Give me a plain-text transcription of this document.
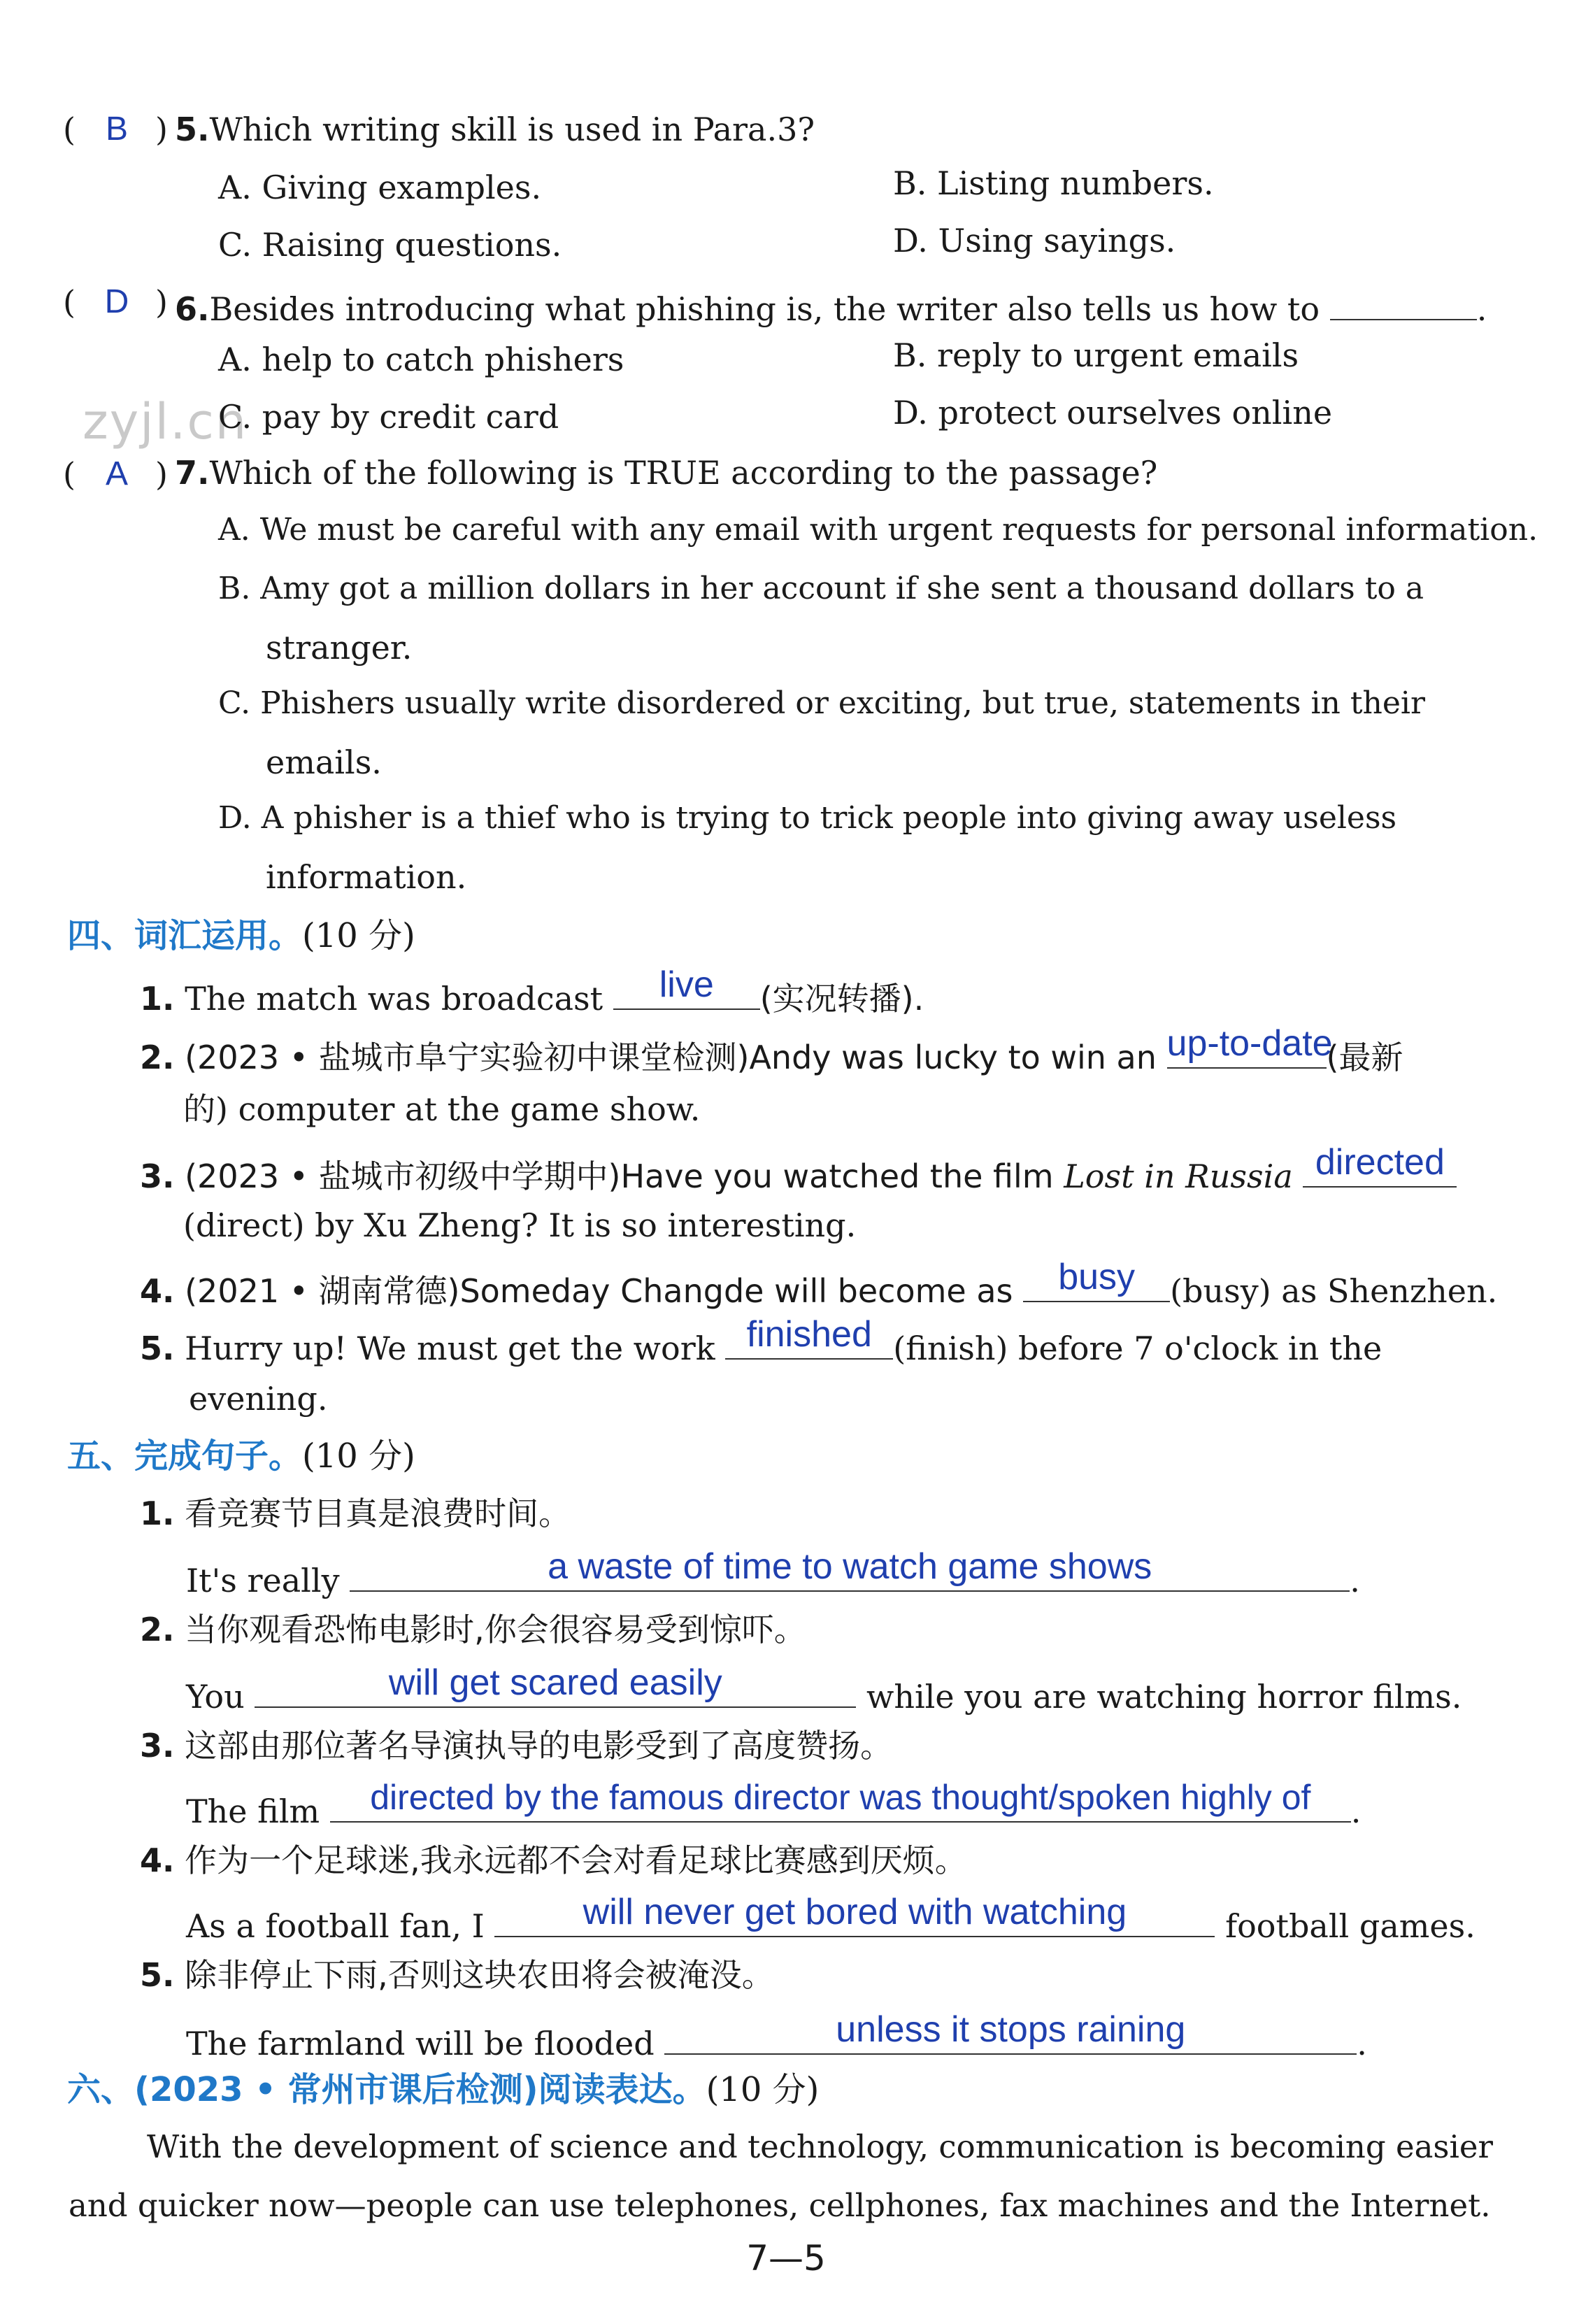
zyjl.cn
( B ) 5.Which writing skill is used in Para.3?
A. Giving examples.	B. Listing numbers.
C. Raising questions.	D. Using sayings.
( D ) 6.Besides introducing what phishing is, the writer also tells us how to	.
A. help to catch phishers	B. reply to urgent emails
C. pay by credit card	D. protect ourselves online
( A ) 7.Which of the following is TRUE according to the passage?
A. We must be careful with any email with urgent requests for personal information.
B. Amy got a million dollars in her account if she sent a thousand dollars to a
stranger.
C. Phishers usually write disordered or exciting, but true, statements in their
emails.
D. A phisher is a thief who is trying to trick people into giving away useless
information.
四、词汇运用。(10 分)
1. The match was broadcast	live	(实况转播).
2. (2023 • 盐城市阜宁实验初中课堂检测)Andy was lucky to win an up-to-date
(最新
的) computer at the game show.
3. (2023 • 盐城市初级中学期中)Have you watched the film Lost in Russia directed
(direct) by Xu Zheng? It is so interesting.
4. (2021 • 湖南常德)Someday Changde will become as	busy	(busy) as Shenzhen.
5. Hurry up! We must get the work finished (finish) before 7 o'clock in the
evening.
五、完成句子。(10 分)
1. 看竞赛节目真是浪费时间。
It's really	a waste of time to watch game shows	.
2. 当你观看恐怖电影时,你会很容易受到惊吓。
You	will get scared easily	while you are watching horror films.
3. 这部由那位著名导演执导的电影受到了高度赞扬。
The film	directed by the famous director was thought/spoken highly of	.
4. 作为一个足球迷,我永远都不会对看足球比赛感到厌烦。
As a football fan, I	will never get bored with watching	football games.
5. 除非停止下雨,否则这块农田将会被淹没。
The farmland will be flooded	unless it stops raining	.
六、(2023 • 常州市课后检测)阅读表达。(10 分)
With the development of science and technology, communication is becoming easier
and quicker now—people can use telephones, cellphones, fax machines and the Internet.
7—5
